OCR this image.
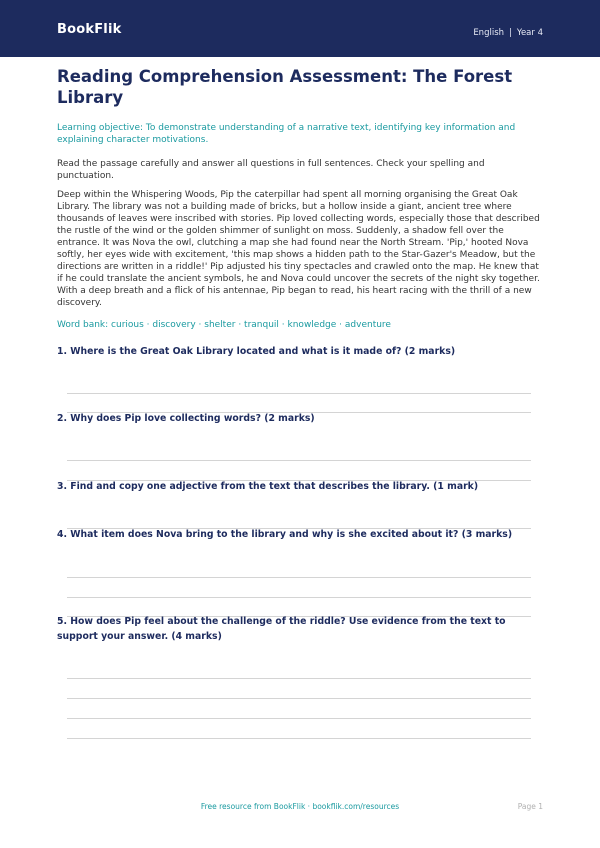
BookFlik	English | Year 4
Reading Comprehension Assessment: The Forest Library

Learning objective: To demonstrate understanding of a narrative text, identifying key information and explaining character motivations.

Read the passage carefully and answer all questions in full sentences. Check your spelling and punctuation.

Deep within the Whispering Woods, Pip the caterpillar had spent all morning organising the Great Oak Library. The library was not a building made of bricks, but a hollow inside a giant, ancient tree where thousands of leaves were inscribed with stories. Pip loved collecting words, especially those that described the rustle of the wind or the golden shimmer of sunlight on moss. Suddenly, a shadow fell over the entrance. It was Nova the owl, clutching a map she had found near the North Stream. 'Pip,' hooted Nova softly, her eyes wide with excitement, 'this map shows a hidden path to the Star-Gazer's Meadow, but the directions are written in a riddle!' Pip adjusted his tiny spectacles and crawled onto the map. He knew that if he could translate the ancient symbols, he and Nova could uncover the secrets of the night sky together. With a deep breath and a flick of his antennae, Pip began to read, his heart racing with the thrill of a new discovery.

Word bank: curious · discovery · shelter · tranquil · knowledge · adventure

1. Where is the Great Oak Library located and what is it made of? (2 marks)
2. Why does Pip love collecting words? (2 marks)
3. Find and copy one adjective from the text that describes the library. (1 mark)
4. What item does Nova bring to the library and why is she excited about it? (3 marks)
5. How does Pip feel about the challenge of the riddle? Use evidence from the text to support your answer. (4 marks)
Free resource from BookFlik · bookflik.com/resources	Page 1
